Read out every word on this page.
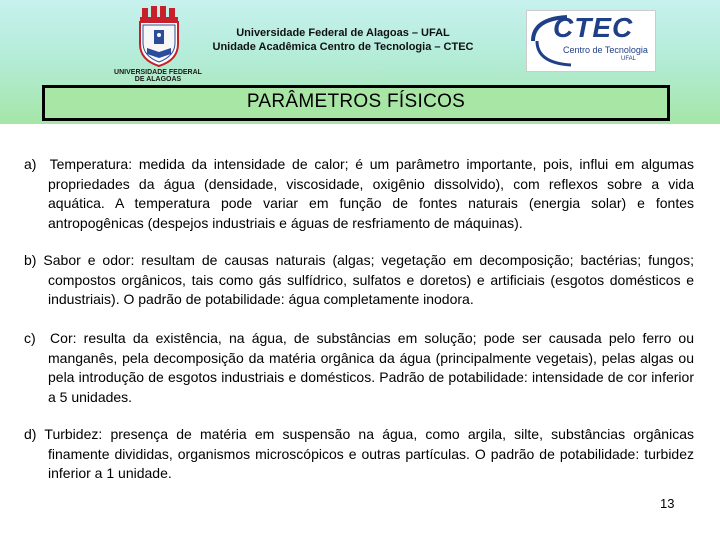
UNIVERSIDADE FEDERAL
DE ALAGOAS
Universidade Federal de Alagoas – UFAL
Unidade Acadêmica Centro de Tecnologia – CTEC
CTEC
Centro de Tecnologia
UFAL
PARÂMETROS FÍSICOS

a) Temperatura: medida da intensidade de calor; é um parâmetro importante, pois, influi em algumas propriedades da água (densidade, viscosidade, oxigênio dissolvido), com reflexos sobre a vida aquática. A temperatura pode variar em função de fontes naturais (energia solar) e fontes antropogênicas (despejos industriais e águas de resfriamento de máquinas).

b) Sabor e odor: resultam de causas naturais (algas; vegetação em decomposição; bactérias; fungos; compostos orgânicos, tais como gás sulfídrico, sulfatos e doretos) e artificiais (esgotos domésticos e industriais). O padrão de potabilidade: água completamente inodora.

c) Cor: resulta da existência, na água, de substâncias em solução; pode ser causada pelo ferro ou manganês, pela decomposição da matéria orgânica da água (principalmente vegetais), pelas algas ou pela introdução de esgotos industriais e domésticos. Padrão de potabilidade: intensidade de cor inferior a 5 unidades.

d) Turbidez: presença de matéria em suspensão na água, como argila, silte, substâncias orgânicas finamente divididas, organismos microscópicos e outras partículas. O padrão de potabilidade: turbidez inferior a 1 unidade.

13
